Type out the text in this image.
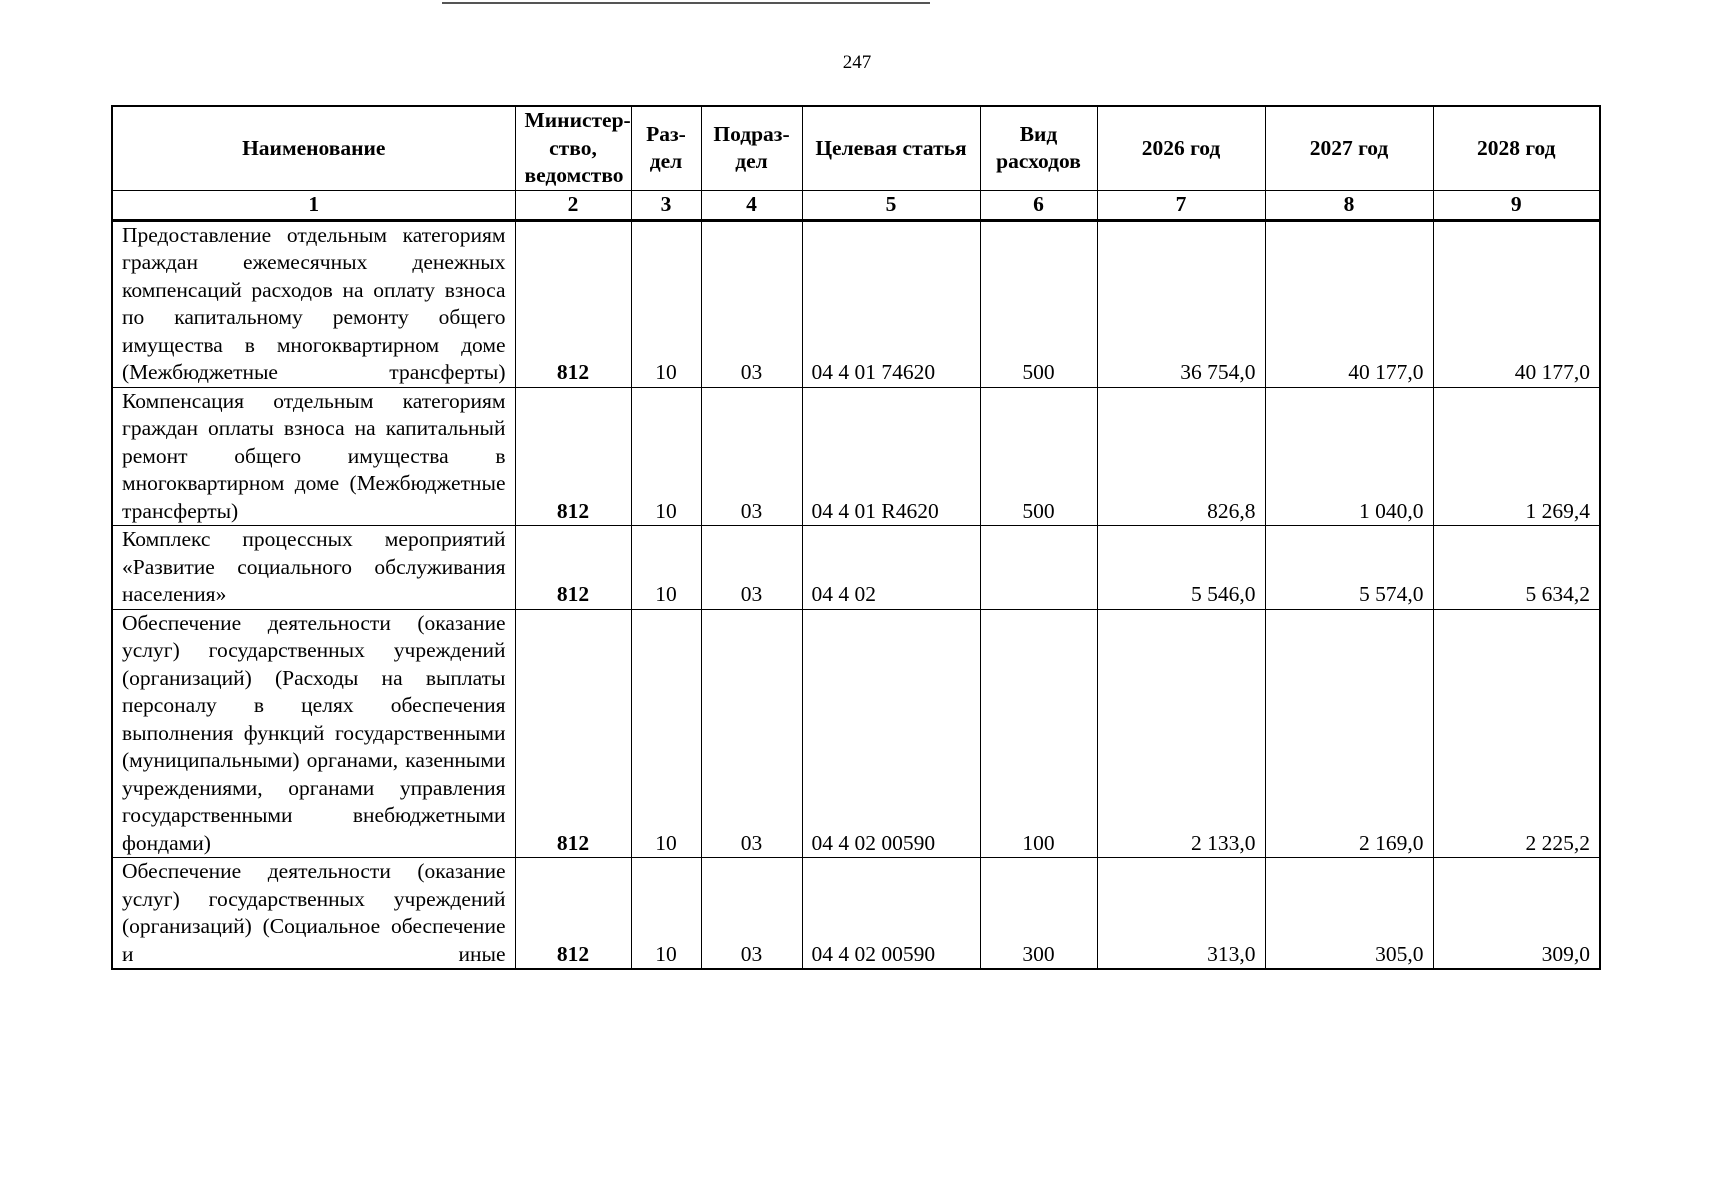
247
Наименование	Министер-ство, ведомство	Раз-дел	Подраз-дел	Целевая статья	Вид расходов	2026 год	2027 год	2028 год
1	2	3	4	5	6	7	8	9
Предоставление отдельным категориям граждан ежемесячных денежных компенсаций расходов на оплату взноса по капитальному ремонту общего имущества в многоквартирном доме (Межбюджетные трансферты)	812	10	03	04 4 01 74620	500	36 754,0	40 177,0	40 177,0
Компенсация отдельным категориям граждан оплаты взноса на капитальный ремонт общего имущества в многоквартирном доме (Межбюджетные трансферты)	812	10	03	04 4 01 R4620	500	826,8	1 040,0	1 269,4
Комплекс процессных мероприятий «Развитие социального обслуживания населения»	812	10	03	04 4 02		5 546,0	5 574,0	5 634,2
Обеспечение деятельности (оказание услуг) государственных учреждений (организаций) (Расходы на выплаты персоналу в целях обеспечения выполнения функций государственными (муниципальными) органами, казенными учреждениями, органами управления государственными внебюджетными фондами)	812	10	03	04 4 02 00590	100	2 133,0	2 169,0	2 225,2
Обеспечение деятельности (оказание услуг) государственных учреждений (организаций) (Социальное обеспечение и иные	812	10	03	04 4 02 00590	300	313,0	305,0	309,0
